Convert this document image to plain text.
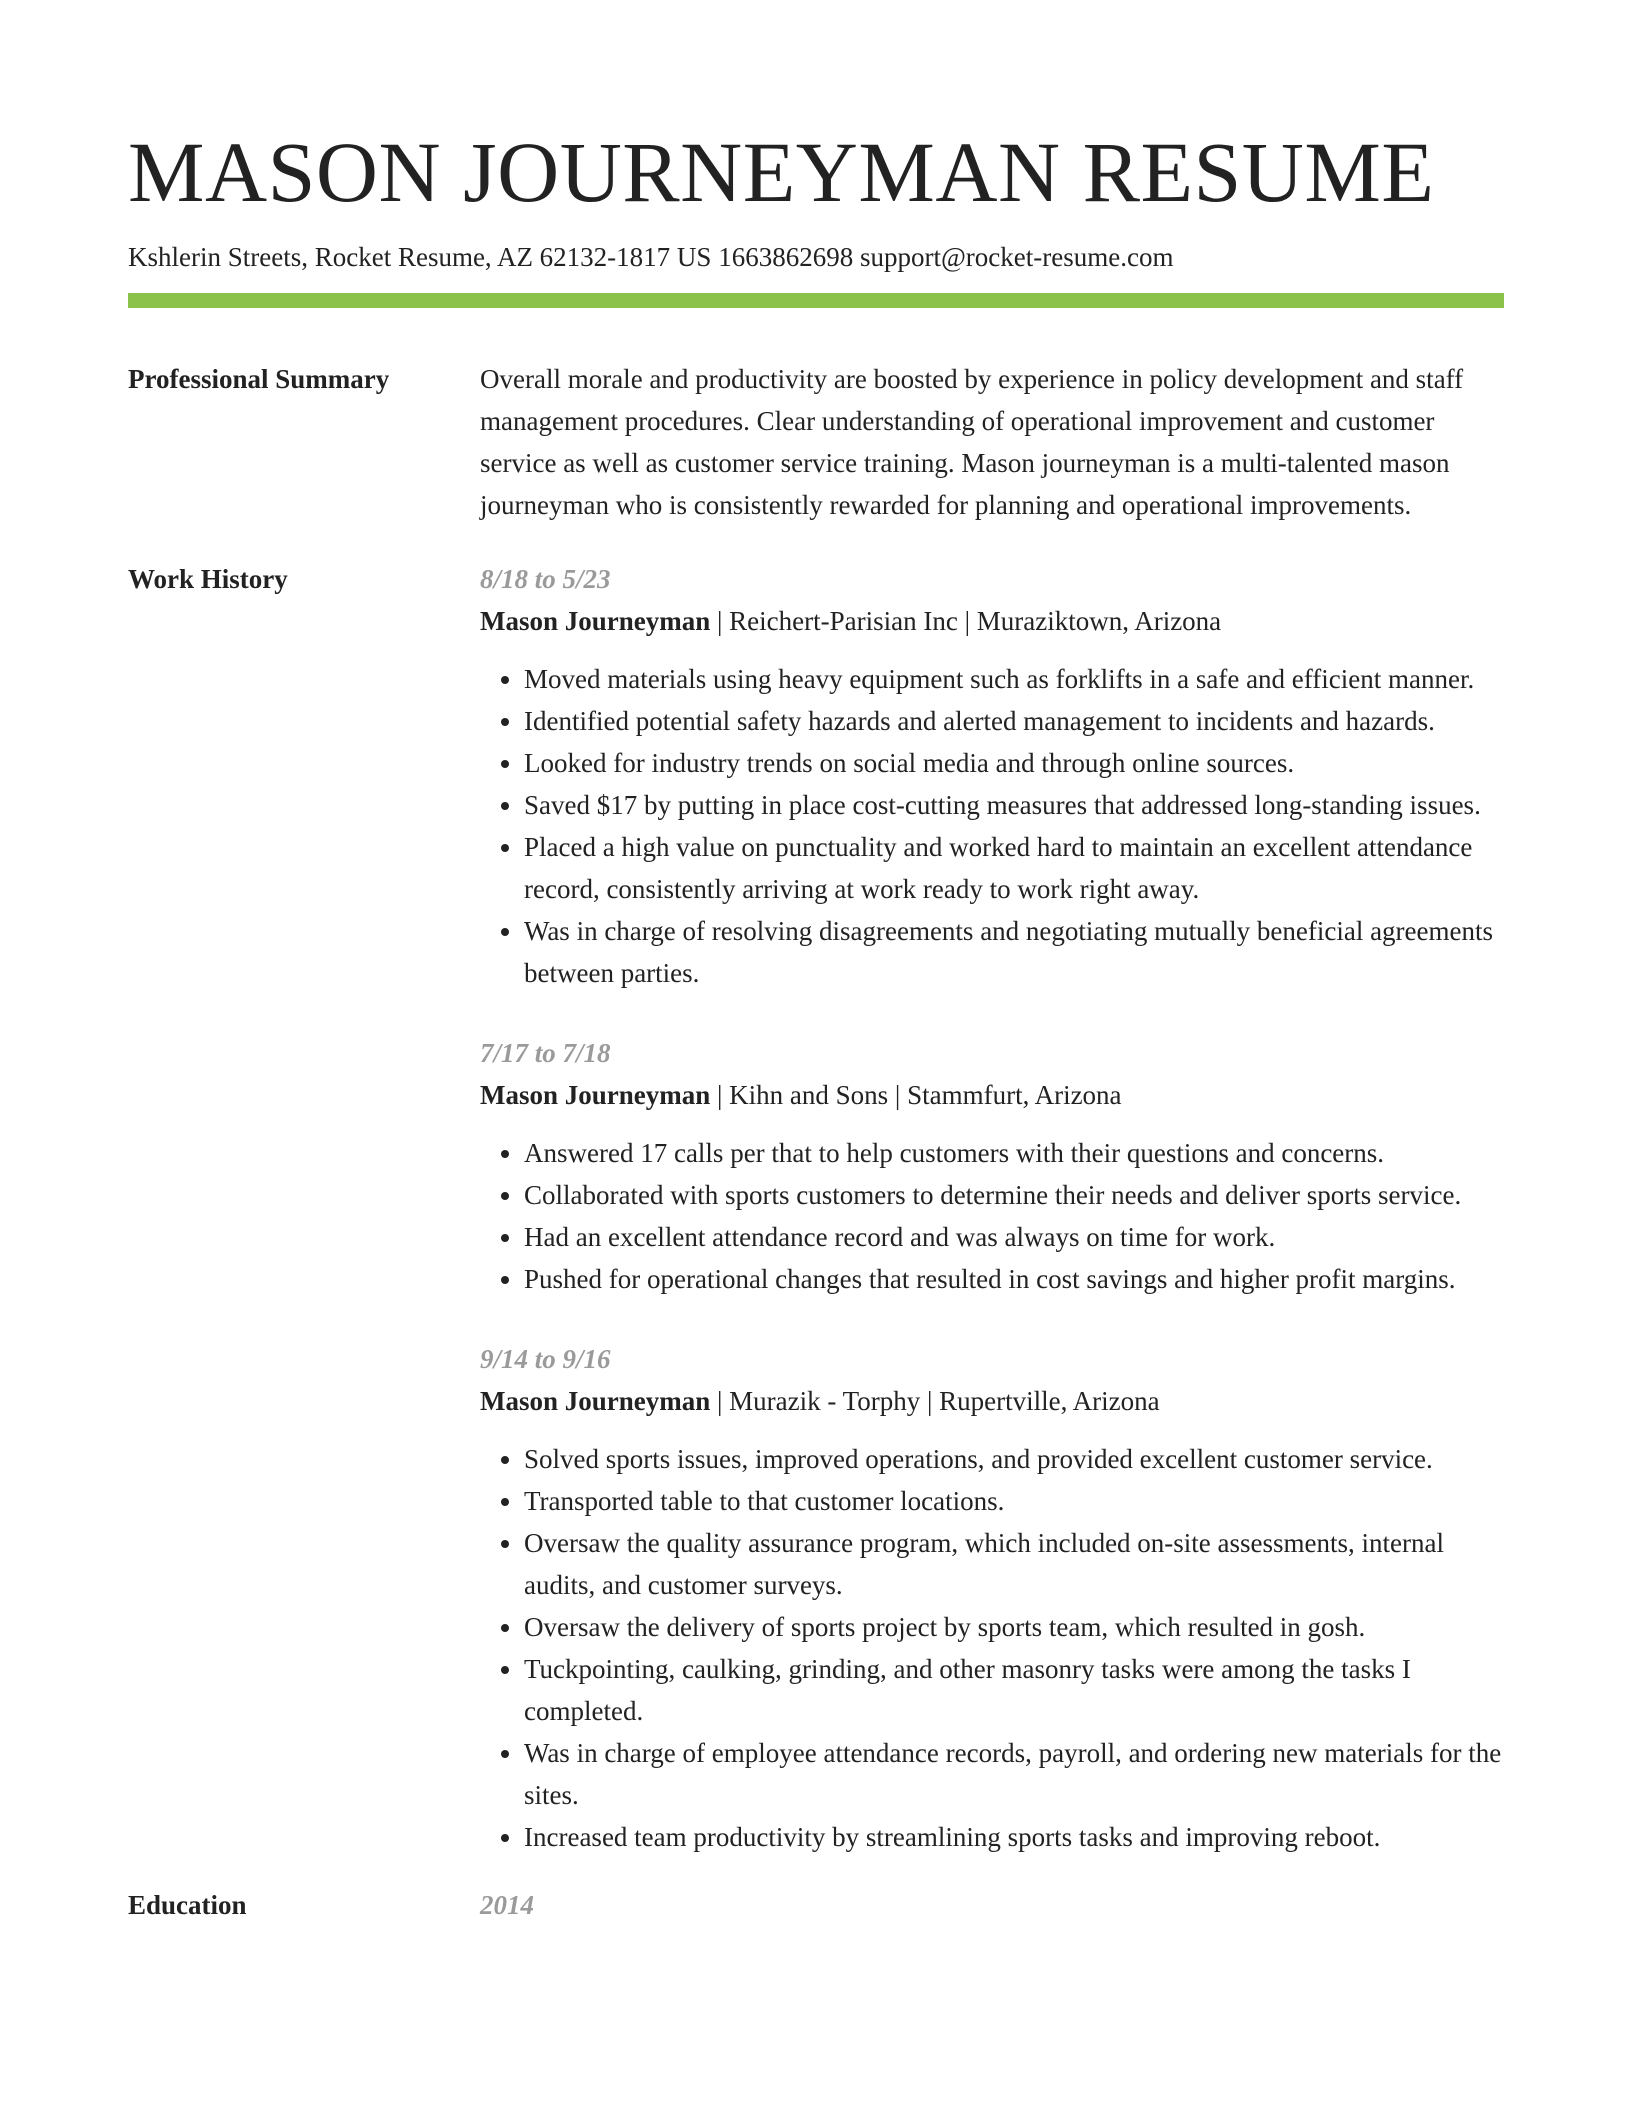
MASON JOURNEYMAN RESUME
Kshlerin Streets, Rocket Resume, AZ 62132-1817 US 1663862698 support@rocket-resume.com
Professional Summary	Overall morale and productivity are boosted by experience in policy development and staff management procedures. Clear understanding of operational improvement and customer service as well as customer service training. Mason journeyman is a multi-talented mason journeyman who is consistently rewarded for planning and operational improvements.

Work History	8/18 to 5/23
Mason Journeyman | Reichert-Parisian Inc | Muraziktown, Arizona
• Moved materials using heavy equipment such as forklifts in a safe and efficient manner.
• Identified potential safety hazards and alerted management to incidents and hazards.
• Looked for industry trends on social media and through online sources.
• Saved $17 by putting in place cost-cutting measures that addressed long-standing issues.
• Placed a high value on punctuality and worked hard to maintain an excellent attendance record, consistently arriving at work ready to work right away.
• Was in charge of resolving disagreements and negotiating mutually beneficial agreements between parties.
7/17 to 7/18
Mason Journeyman | Kihn and Sons | Stammfurt, Arizona
• Answered 17 calls per that to help customers with their questions and concerns.
• Collaborated with sports customers to determine their needs and deliver sports service.
• Had an excellent attendance record and was always on time for work.
• Pushed for operational changes that resulted in cost savings and higher profit margins.
9/14 to 9/16
Mason Journeyman | Murazik - Torphy | Rupertville, Arizona
• Solved sports issues, improved operations, and provided excellent customer service.
• Transported table to that customer locations.
• Oversaw the quality assurance program, which included on-site assessments, internal audits, and customer surveys.
• Oversaw the delivery of sports project by sports team, which resulted in gosh.
• Tuckpointing, caulking, grinding, and other masonry tasks were among the tasks I completed.
• Was in charge of employee attendance records, payroll, and ordering new materials for the sites.
• Increased team productivity by streamlining sports tasks and improving reboot.
Education	2014
